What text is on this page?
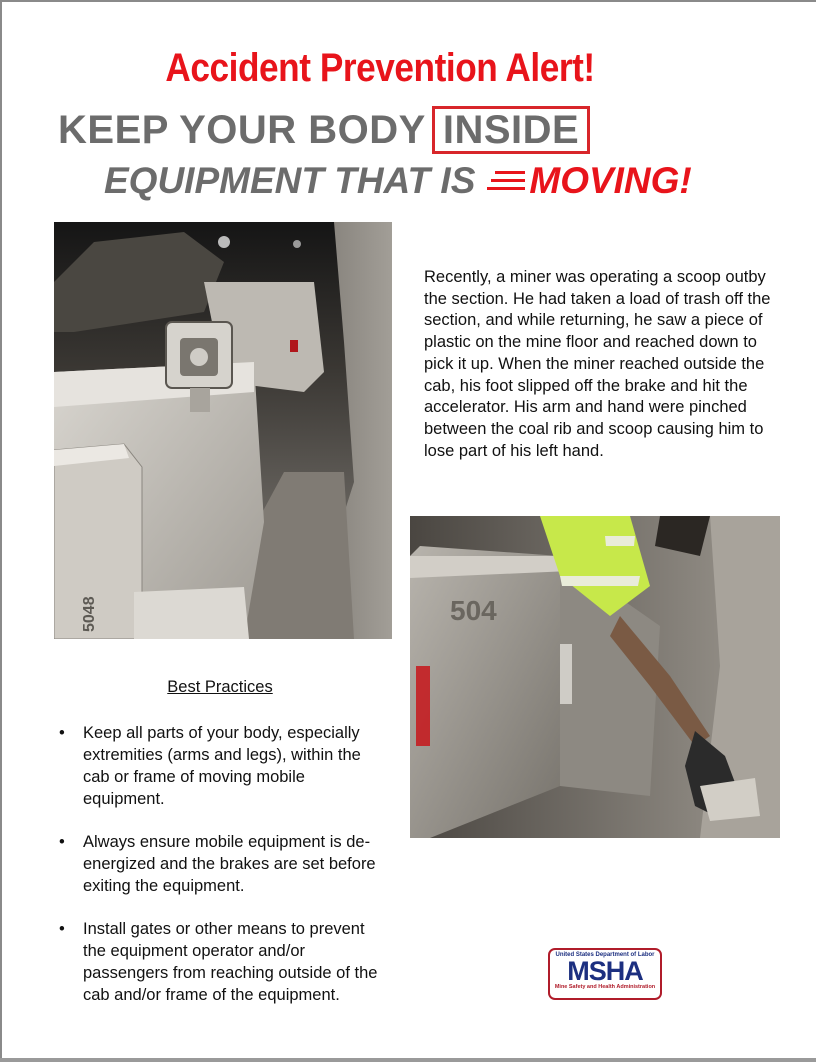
Accident Prevention Alert!
KEEP YOUR BODY INSIDE
EQUIPMENT THAT IS MOVING!
5048
Recently, a miner was operating a scoop outby the section. He had taken a load of trash off the section, and while returning, he saw a piece of plastic on the mine floor and reached down to pick it up. When the miner reached outside the cab, his foot slipped off the brake and hit the accelerator. His arm and hand were pinched between the coal rib and scoop causing him to lose part of his left hand.
504
Best Practices
• Keep all parts of your body, especially extremities (arms and legs), within the cab or frame of moving mobile equipment.
• Always ensure mobile equipment is de-energized and the brakes are set before exiting the equipment.
• Install gates or other means to prevent the equipment operator and/or passengers from reaching outside of the cab and/or frame of the equipment.
United States Department of Labor
MSHA
Mine Safety and Health Administration
